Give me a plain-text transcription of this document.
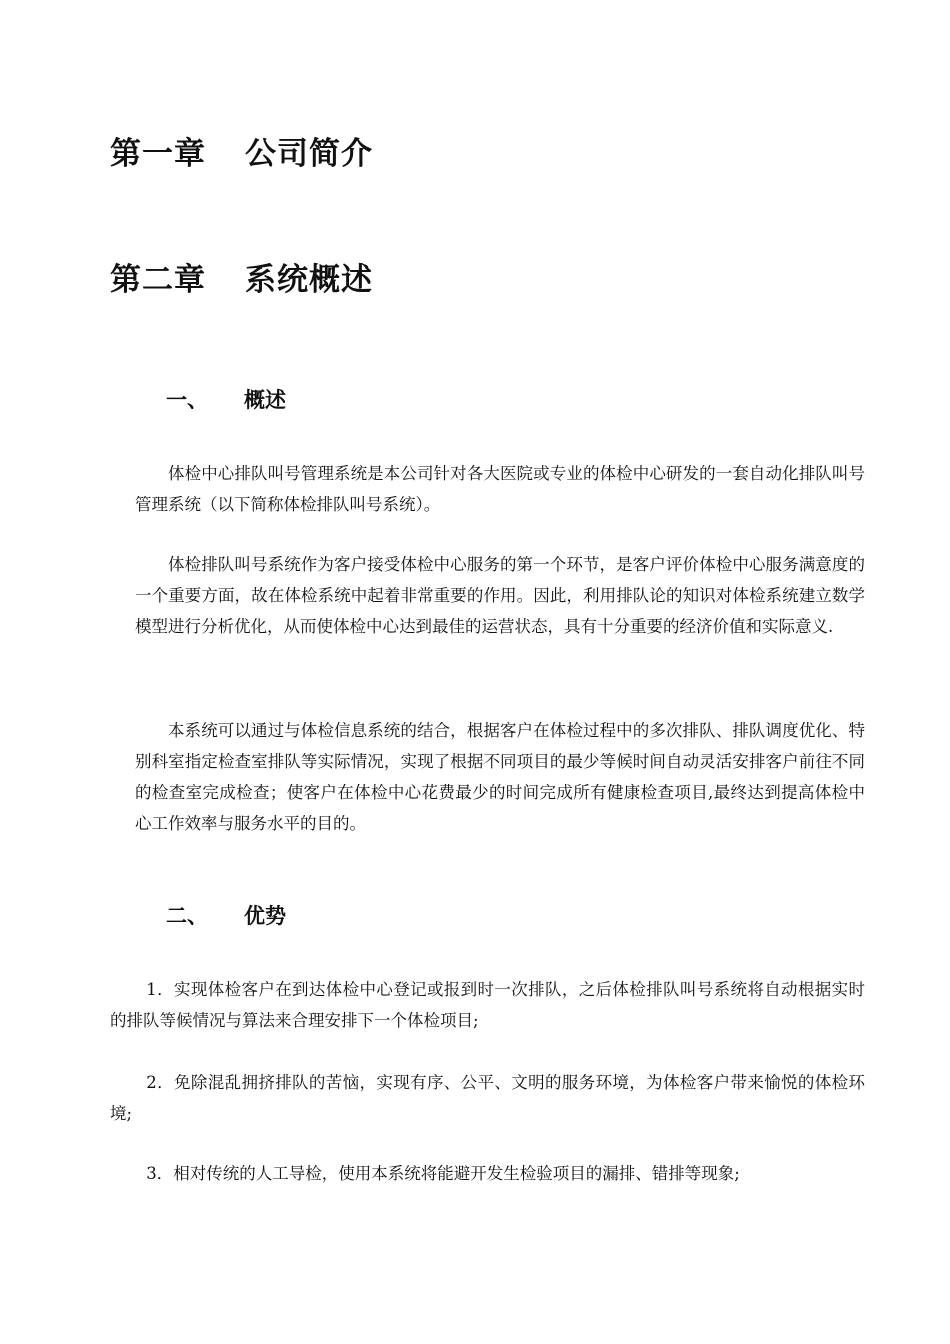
第一章 公司简介
第二章 系统概述
一、 概述
体检中心排队叫号管理系统是本公司针对各大医院或专业的体检中心研发的一套自动化排队叫号管理系统（以下简称体检排队叫号系统）。
体检排队叫号系统作为客户接受体检中心服务的第一个环节，是客户评价体检中心服务满意度的一个重要方面，故在体检系统中起着非常重要的作用。因此，利用排队论的知识对体检系统建立数学模型进行分析优化，从而使体检中心达到最佳的运营状态，具有十分重要的经济价值和实际意义.
本系统可以通过与体检信息系统的结合，根据客户在体检过程中的多次排队、排队调度优化、特别科室指定检查室排队等实际情况，实现了根据不同项目的最少等候时间自动灵活安排客户前往不同的检查室完成检查；使客户在体检中心花费最少的时间完成所有健康检查项目,最终达到提高体检中心工作效率与服务水平的目的。
二、 优势
1．实现体检客户在到达体检中心登记或报到时一次排队，之后体检排队叫号系统将自动根据实时的排队等候情况与算法来合理安排下一个体检项目;
2．免除混乱拥挤排队的苦恼，实现有序、公平、文明的服务环境，为体检客户带来愉悦的体检环境;
3．相对传统的人工导检，使用本系统将能避开发生检验项目的漏排、错排等现象;
